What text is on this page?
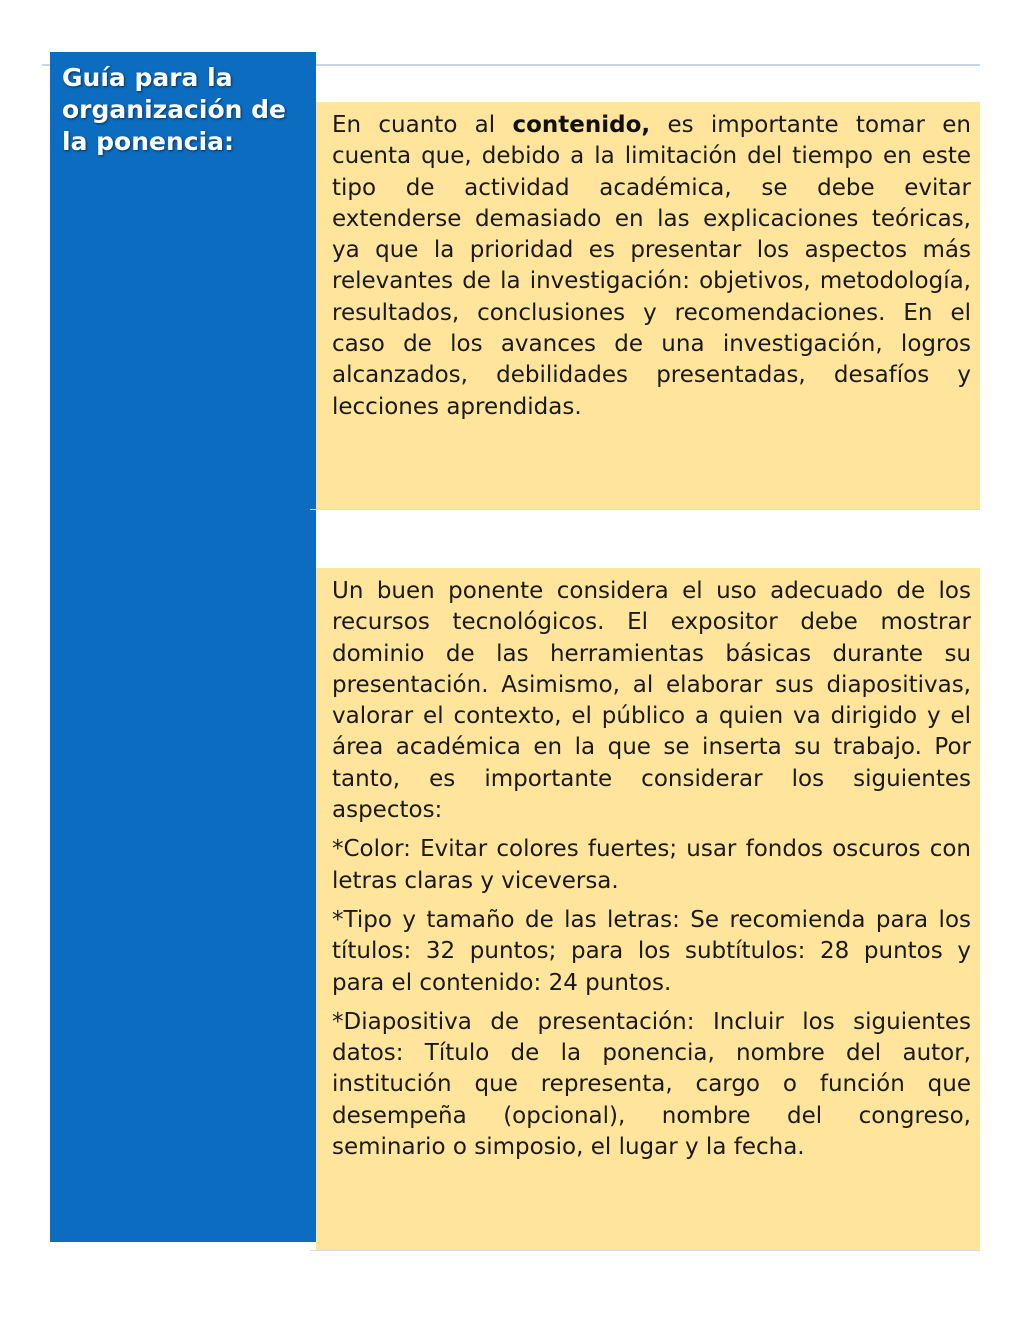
Guía para la organización de la ponencia:

En cuanto al contenido, es importante tomar en cuenta que, debido a la limitación del tiempo en este tipo de actividad académica, se debe evitar extenderse demasiado en las explicaciones teóricas, ya que la prioridad es presentar los aspectos más relevantes de la investigación: objetivos, metodología, resultados, conclusiones y recomendaciones. En el caso de los avances de una investigación, logros alcanzados, debilidades presentadas, desafíos y lecciones aprendidas.

Un buen ponente considera el uso adecuado de los recursos tecnológicos. El expositor debe mostrar dominio de las herramientas básicas durante su presentación. Asimismo, al elaborar sus diapositivas, valorar el contexto, el público a quien va dirigido y el área académica en la que se inserta su trabajo. Por tanto, es importante considerar los siguientes aspectos:

*Color: Evitar colores fuertes; usar fondos oscuros con letras claras y viceversa.

*Tipo y tamaño de las letras: Se recomienda para los títulos: 32 puntos; para los subtítulos: 28 puntos y para el contenido: 24 puntos.

*Diapositiva de presentación: Incluir los siguientes datos: Título de la ponencia, nombre del autor, institución que representa, cargo o función que desempeña (opcional), nombre del congreso, seminario o simposio, el lugar y la fecha.
